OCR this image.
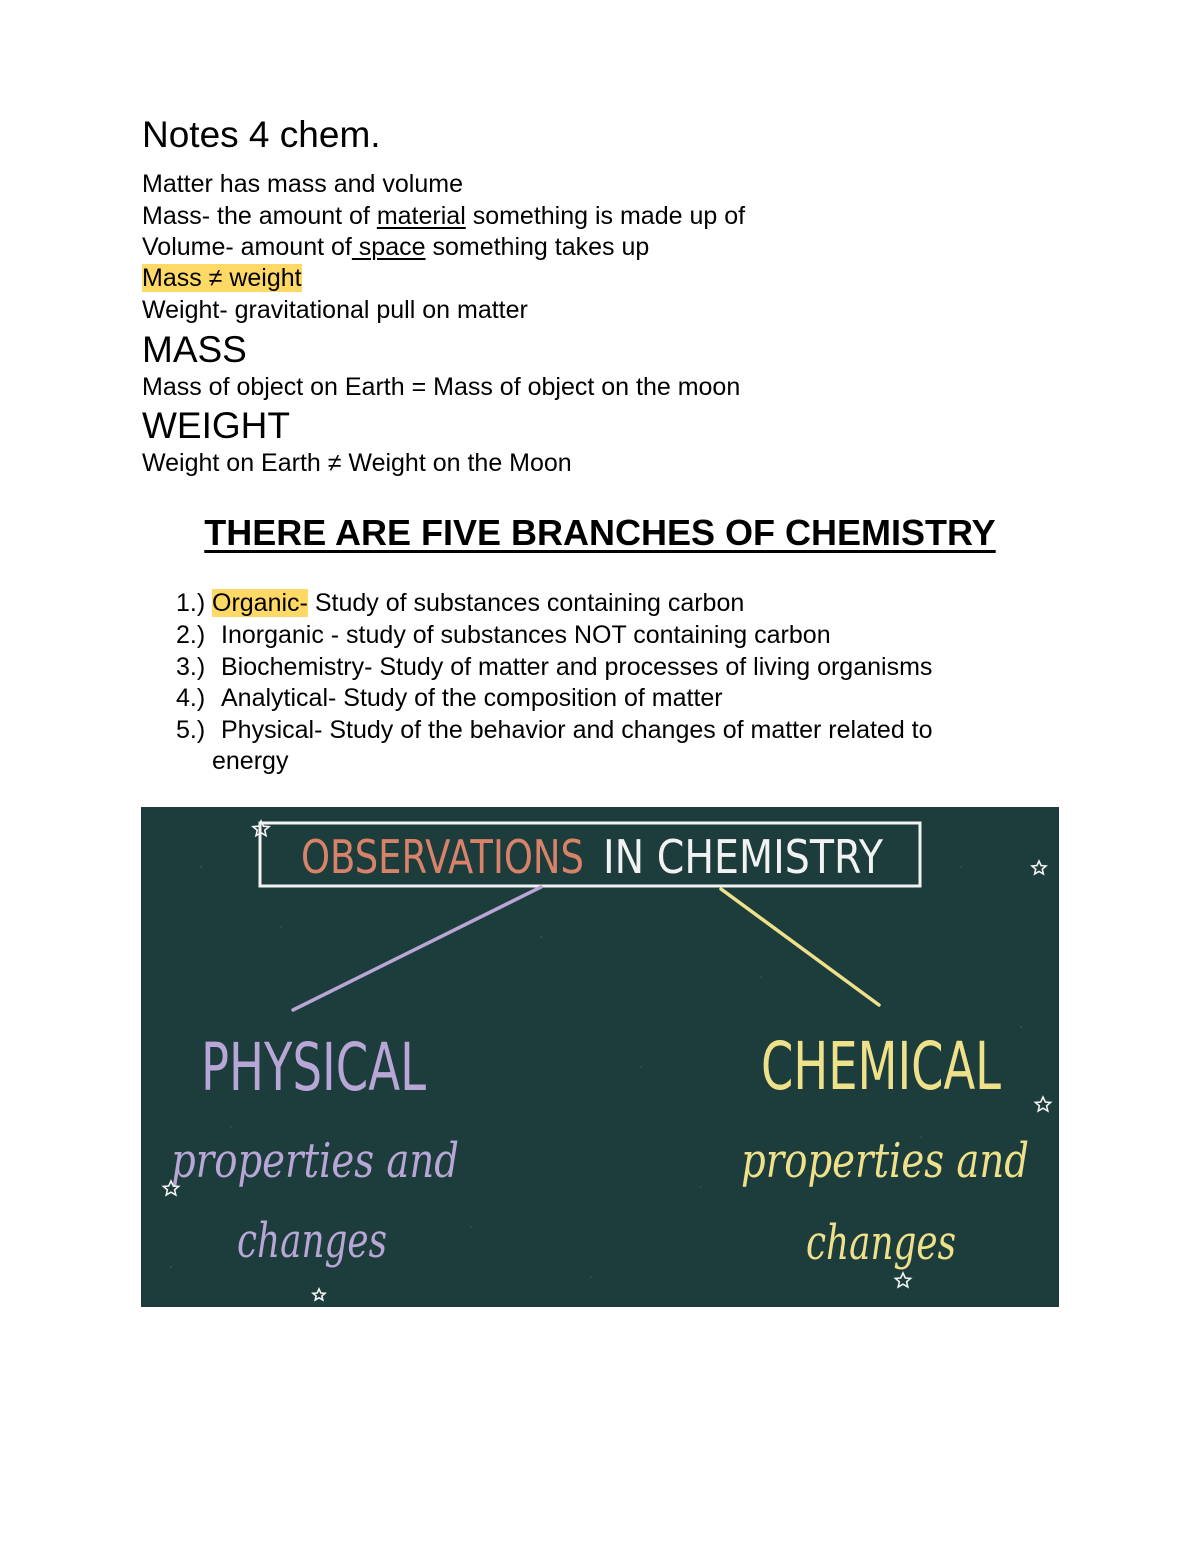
Notes 4 chem.
Matter has mass and volume
Mass- the amount of material something is made up of
Volume- amount of space something takes up
Mass ≠ weight
Weight- gravitational pull on matter
MASS
Mass of object on Earth = Mass of object on the moon
WEIGHT
Weight on Earth ≠ Weight on the Moon
THERE ARE FIVE BRANCHES OF CHEMISTRY
1.) Organic- Study of substances containing carbon
2.) Inorganic - study of substances NOT containing carbon
3.) Biochemistry- Study of matter and processes of living organisms
4.) Analytical- Study of the composition of matter
5.) Physical- Study of the behavior and changes of matter related to
energy
OBSERVATIONS IN CHEMISTRY
PHYSICAL
properties and
changes
CHEMICAL
properties and
changes
